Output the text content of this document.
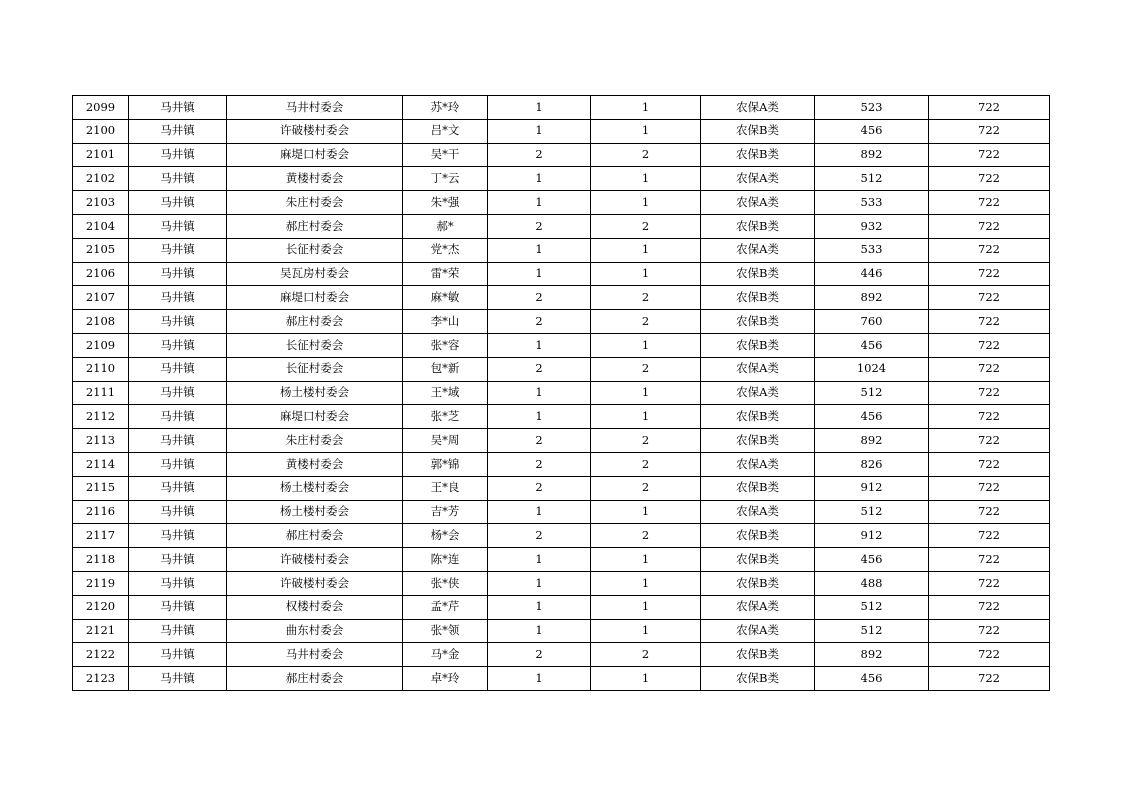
2099	马井镇	马井村委会	苏*玲	1	1	农保A类	523	722
2100	马井镇	许破楼村委会	吕*文	1	1	农保B类	456	722
2101	马井镇	麻堤口村委会	吴*干	2	2	农保B类	892	722
2102	马井镇	黄楼村委会	丁*云	1	1	农保A类	512	722
2103	马井镇	朱庄村委会	朱*强	1	1	农保A类	533	722
2104	马井镇	郝庄村委会	郝*	2	2	农保B类	932	722
2105	马井镇	长征村委会	党*杰	1	1	农保A类	533	722
2106	马井镇	吴瓦房村委会	雷*荣	1	1	农保B类	446	722
2107	马井镇	麻堤口村委会	麻*敏	2	2	农保B类	892	722
2108	马井镇	郝庄村委会	李*山	2	2	农保B类	760	722
2109	马井镇	长征村委会	张*容	1	1	农保B类	456	722
2110	马井镇	长征村委会	包*新	2	2	农保A类	1024	722
2111	马井镇	杨土楼村委会	王*域	1	1	农保A类	512	722
2112	马井镇	麻堤口村委会	张*芝	1	1	农保B类	456	722
2113	马井镇	朱庄村委会	吴*周	2	2	农保B类	892	722
2114	马井镇	黄楼村委会	郭*锦	2	2	农保A类	826	722
2115	马井镇	杨土楼村委会	王*良	2	2	农保B类	912	722
2116	马井镇	杨土楼村委会	吉*芳	1	1	农保A类	512	722
2117	马井镇	郝庄村委会	杨*会	2	2	农保B类	912	722
2118	马井镇	许破楼村委会	陈*连	1	1	农保B类	456	722
2119	马井镇	许破楼村委会	张*侠	1	1	农保B类	488	722
2120	马井镇	权楼村委会	孟*芹	1	1	农保A类	512	722
2121	马井镇	曲东村委会	张*领	1	1	农保A类	512	722
2122	马井镇	马井村委会	马*金	2	2	农保B类	892	722
2123	马井镇	郝庄村委会	卓*玲	1	1	农保B类	456	722
